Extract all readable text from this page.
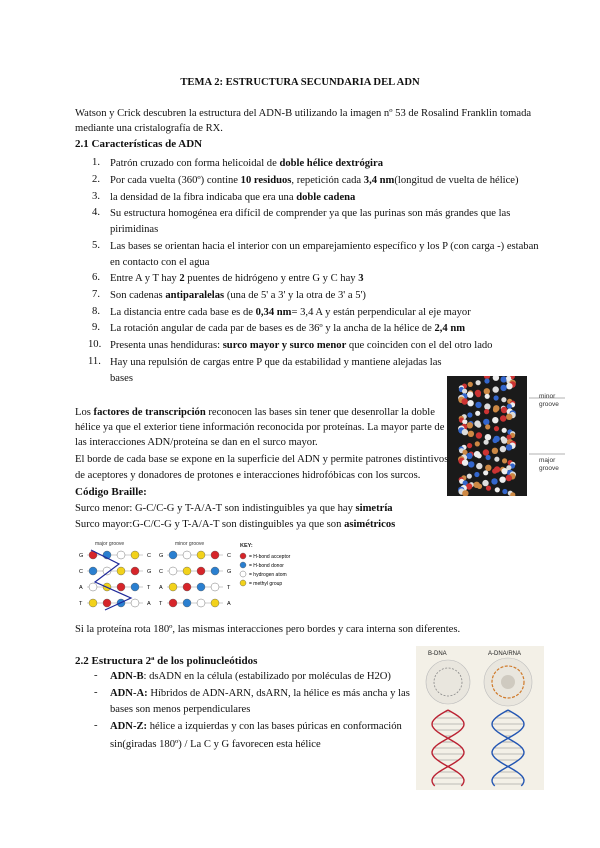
TEMA 2: ESTRUCTURA SECUNDARIA DEL ADN
Watson y Crick descubren la estructura del ADN-B utilizando la imagen nº 53 de Rosalind Franklin tomada
mediante una cristalografía de RX.
2.1 Características de ADN
1. Patrón cruzado con forma helicoidal de doble hélice dextrógira
2. Por cada vuelta (360º) contine 10 residuos, repetición cada 3,4 nm(longitud de vuelta de hélice)
3. la densidad de la fibra indicaba que era una doble cadena
4. Su estructura homogénea era difícil de comprender ya que las purinas son más grandes que las
pirimidinas
5. Las bases se orientan hacia el interior con un emparejamiento específico y los P (con carga -) estaban
en contacto con el agua
6. Entre A y T hay 2 puentes de hidrógeno y entre G y C hay 3
7. Son cadenas antiparalelas (una de 5' a 3' y la otra de 3' a 5')
8. La distancia entre cada base es de 0,34 nm= 3,4 A y están perpendicular al eje mayor
9. La rotación angular de cada par de bases es de 36º y la ancha de la hélice de 2,4 nm
10. Presenta unas hendiduras: surco mayor y surco menor que coinciden con el del otro lado
11. Hay una repulsión de cargas entre P que da estabilidad y mantiene alejadas las
bases
minor
groove
major
groove
Los factores de transcripción reconocen las bases sin tener que desenrollar la doble
hélice ya que el exterior tiene información reconocida por proteínas. La mayor parte de
las interacciones ADN/proteína se dan en el surco mayor.
El borde de cada base se expone en la superficie del ADN y permite patrones distintivos
de aceptores y donadores de protones e interacciones hidrofóbicas con los surcos.
Código Braille:
Surco menor: G-C/C-G y T-A/A-T son indistinguibles ya que hay simetría
Surco mayor:G-C/C-G y T-A/A-T son distinguibles ya que son asimétricos
major groove	minor groove
G	C
C	G
A	T
T	A
G	C
C	G
A	T
T	A
KEY:
= H-bond acceptor
= H-bond donor
= hydrogen atom
= methyl group
Si la proteína rota 180º, las mismas interacciones pero bordes y cara interna son diferentes.
2.2 Estructura 2ª de los polinucleótidos
- ADN-B: dsADN en la célula (estabilizado por moléculas de H2O)
- ADN-A: Híbridos de ADN-ARN, dsARN, la hélice es más ancha y las
bases son menos perpendiculares
- ADN-Z: hélice a izquierdas y con las bases púricas en conformación
sin(giradas 180º) / La C y G favorecen esta hélice
B-DNA	A-DNA/RNA
